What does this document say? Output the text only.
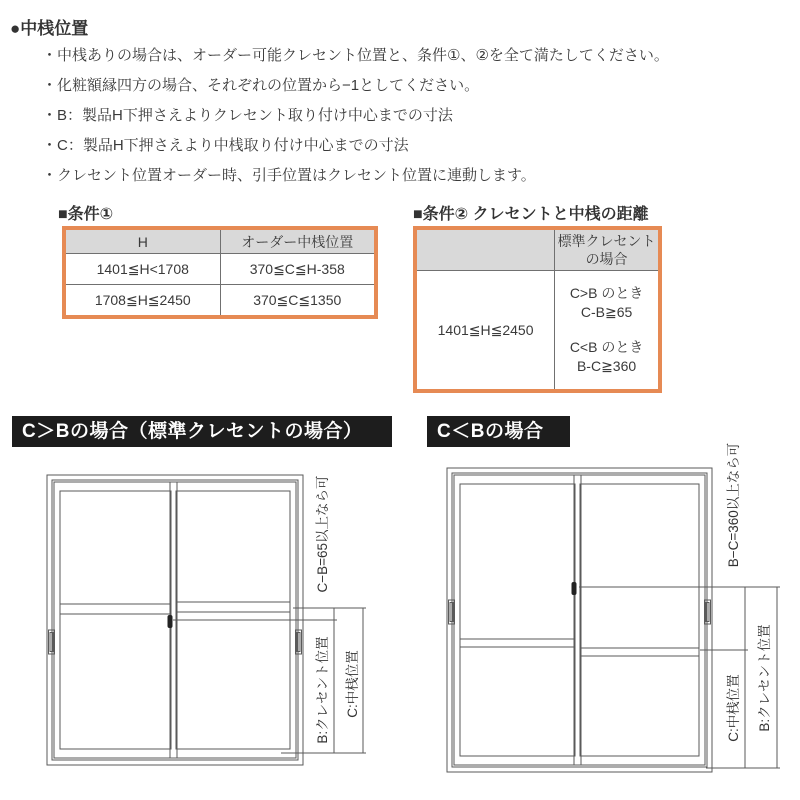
●中桟位置
・中桟ありの場合は、オーダー可能クレセント位置と、条件①、②を全て満たしてください。
・化粧額縁四方の場合、それぞれの位置から−1としてください。
・B：製品H下押さえよりクレセント取り付け中心までの寸法
・C：製品H下押さえより中桟取り付け中心までの寸法
・クレセント位置オーダー時、引手位置はクレセント位置に連動します。
■条件①
H	オーダー中桟位置
1401≦H<1708	370≦C≦H-358
1708≦H≦2450	370≦C≦1350
■条件② クレセントと中桟の距離
	標準クレセントの場合
1401≦H≦2450	C>B のとき
C-B≧65
C<B のとき
B-C≧360
C＞Bの場合（標準クレセントの場合）	C＜Bの場合
C−B=65以上なら可
B:クレセント位置 C:中桟位置
B−C=360以上なら可
C:中桟位置 B:クレセント位置
